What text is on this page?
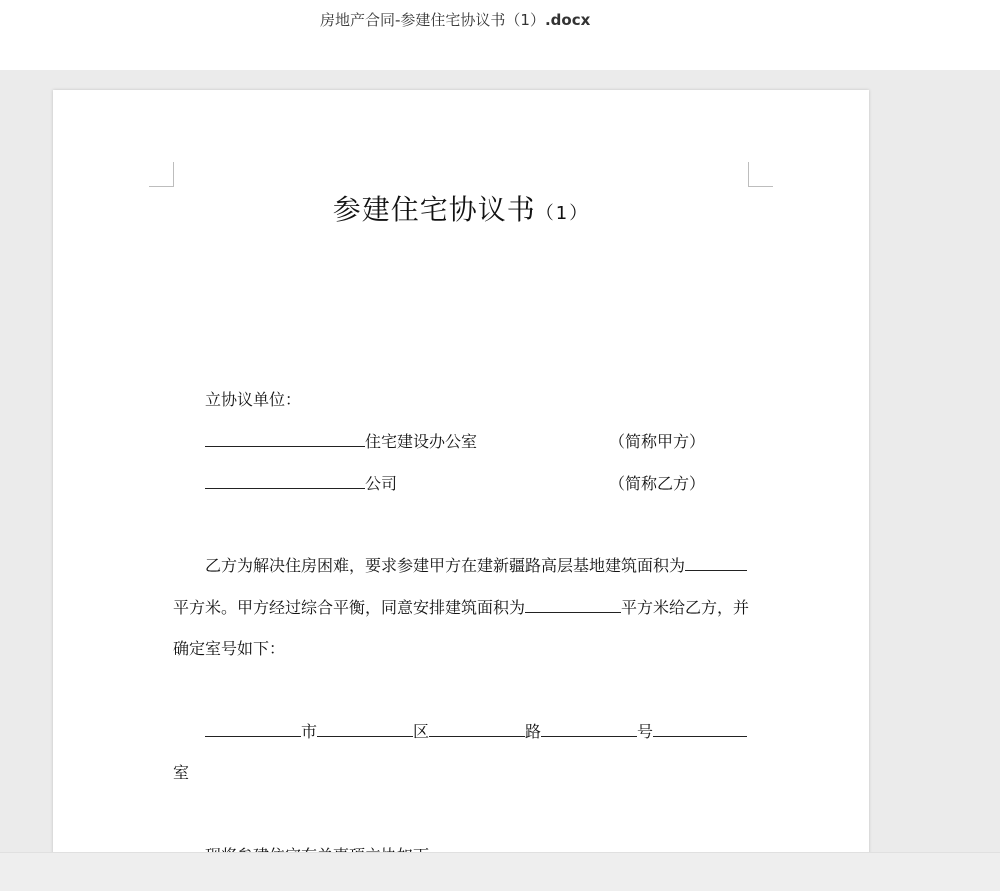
房地产合同-参建住宅协议书（1）.docx
参建住宅协议书（1）
立协议单位：
住宅建设办公室	（简称甲方）
公司	（简称乙方）
乙方为解决住房困难，要求参建甲方在建新疆路高层基地建筑面积为
平方米。甲方经过综合平衡，同意安排建筑面积为	平方米给乙方，并
确定室号如下：
市	区	路	号
室
